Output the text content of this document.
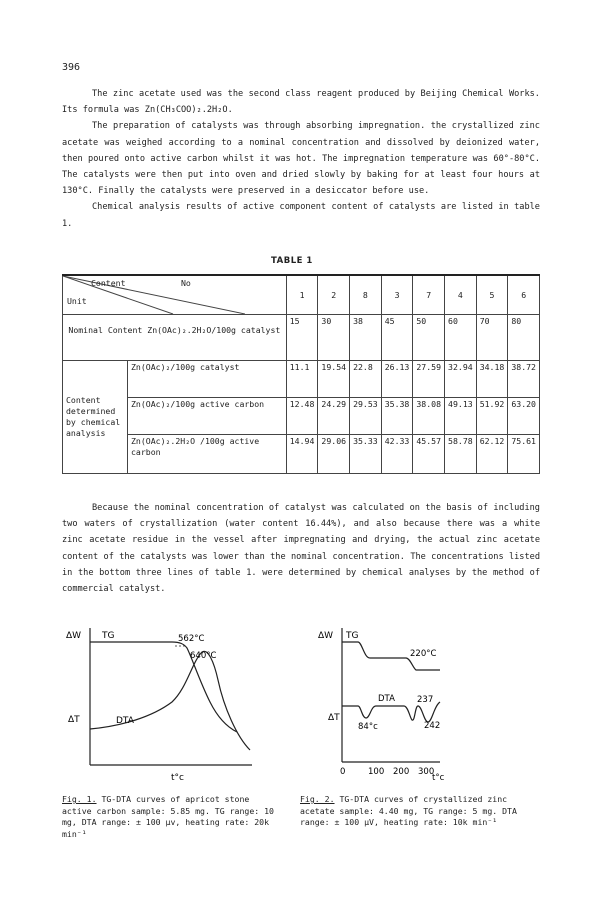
396

The zinc acetate used was the second class reagent produced by Beijing Chemical Works. Its formula was Zn(CH₃COO)₂.2H₂O.

The preparation of catalysts was through absorbing impregnation. the crystallized zinc acetate was weighed according to a nominal concentration and dissolved by deionized water, then poured onto active carbon whilst it was hot. The impregnation temperature was 60°-80°C. The catalysts were then put into oven and dried slowly by baking for at least four hours at 130°C. Finally the catalysts were preserved in a desiccator before use.

Chemical analysis results of active component content of catalysts are listed in table 1.

TABLE 1
Content No
Unit		1	2	8	3	7	4	5	6
Nominal Content Zn(OAc)₂.2H₂O/100g catalyst		15	30	38	45	50	60	70	80
Content determined by chemical analysis	Zn(OAc)₂/100g catalyst	11.1	19.54	22.8	26.13	27.59	32.94	34.18	38.72
	Zn(OAc)₂/100g active carbon	12.48	24.29	29.53	35.38	38.08	49.13	51.92	63.20
	Zn(OAc)₂.2H₂O /100g active carbon	14.94	29.06	35.33	42.33	45.57	58.78	62.12	75.61

Because the nominal concentration of catalyst was calculated on the basis of including two waters of crystallization (water content 16.44%), and also because there was a white zinc acetate residue in the vessel after impregnating and drying, the actual zinc acetate content of the catalysts was lower than the nominal concentration. The concentrations listed in the bottom three lines of table 1. were determined by chemical analyses by the method of commercial catalyst.

ΔW
ΔT
TG
DTA
562°C
640°C
t°c
Fig. 1. TG-DTA curves of apricot stone active carbon sample: 5.85 mg. TG range: 10 mg, DTA range: ± 100 μv, heating rate: 20k min⁻¹
ΔW
ΔT
TG
220°C
DTA	237
242
84°c
0	100 200 300
t°c
Fig. 2. TG-DTA curves of crystallized zinc acetate sample: 4.40 mg, TG range: 5 mg. DTA range: ± 100 μV, heating rate: 10k min⁻¹
